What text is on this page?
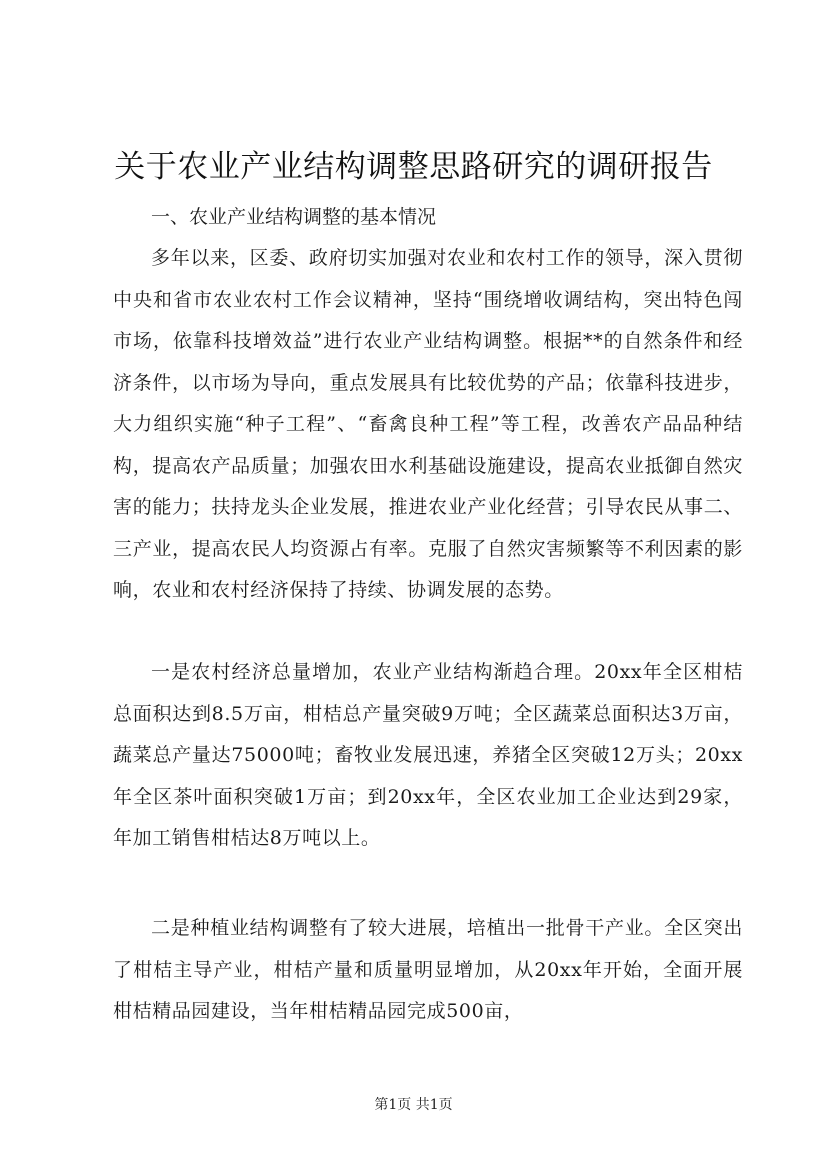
关于农业产业结构调整思路研究的调研报告
一、农业产业结构调整的基本情况

多年以来，区委、政府切实加强对农业和农村工作的领导，深入贯彻中央和省市农业农村工作会议精神，坚持“围绕增收调结构，突出特色闯市场，依靠科技增效益”进行农业产业结构调整。根据**的自然条件和经济条件，以市场为导向，重点发展具有比较优势的产品；依靠科技进步，大力组织实施“种子工程”、“畜禽良种工程”等工程，改善农产品品种结构，提高农产品质量；加强农田水利基础设施建设，提高农业抵御自然灾害的能力；扶持龙头企业发展，推进农业产业化经营；引导农民从事二、三产业，提高农民人均资源占有率。克服了自然灾害频繁等不利因素的影响，农业和农村经济保持了持续、协调发展的态势。

一是农村经济总量增加，农业产业结构渐趋合理。20xx年全区柑桔总面积达到8.5万亩，柑桔总产量突破9万吨；全区蔬菜总面积达3万亩，蔬菜总产量达75000吨；畜牧业发展迅速，养猪全区突破12万头；20xx年全区茶叶面积突破1万亩；到20xx年，全区农业加工企业达到29家，年加工销售柑桔达8万吨以上。

二是种植业结构调整有了较大进展，培植出一批骨干产业。全区突出了柑桔主导产业，柑桔产量和质量明显增加，从20xx年开始，全面开展柑桔精品园建设，当年柑桔精品园完成500亩，

第1页 共1页
